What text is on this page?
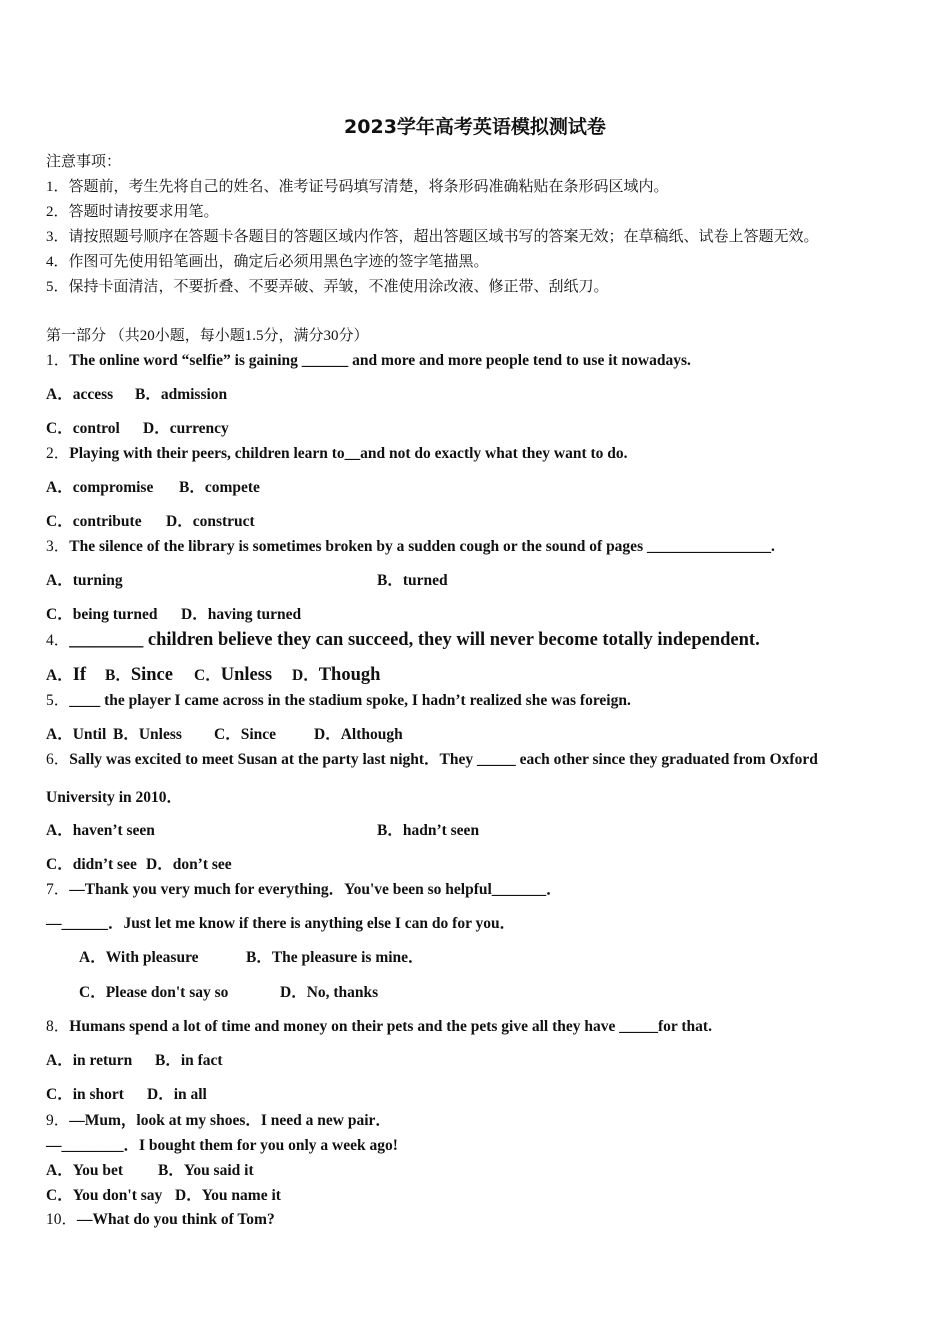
2023学年高考英语模拟测试卷
注意事项：
1．答题前，考生先将自己的姓名、准考证号码填写清楚，将条形码准确粘贴在条形码区域内。
2．答题时请按要求用笔。
3．请按照题号顺序在答题卡各题目的答题区域内作答，超出答题区域书写的答案无效；在草稿纸、试卷上答题无效。
4．作图可先使用铅笔画出，确定后必须用黑色字迹的签字笔描黑。
5．保持卡面清洁，不要折叠、不要弄破、弄皱，不准使用涂改液、修正带、刮纸刀。
第一部分 （共20小题，每小题1.5分，满分30分）
1．The online word “selfie” is gaining ______ and more and more people tend to use it nowadays.
A．access B．admission
C．control D．currency
2．Playing with their peers, children learn to__and not do exactly what they want to do.
A．compromise B．compete
C．contribute D．construct
3．The silence of the library is sometimes broken by a sudden cough or the sound of pages ________________.
A．turning	B．turned
C．being turned D．having turned
4．________ children believe they can succeed, they will never become totally independent.
A．If B．Since C．Unless D．Though
5．____ the player I came across in the stadium spoke, I hadn’t realized she was foreign.
A．Until B．Unless C．Since D．Although
6．Sally was excited to meet Susan at the party last night．They _____ each other since they graduated from Oxford
University in 2010．
A．haven’t seen	B．hadn’t seen
C．didn’t see D．don’t see
7．—Thank you very much for everything．You've been so helpful_______．
—______．Just let me know if there is anything else I can do for you．
A．With pleasure	B．The pleasure is mine．
C．Please don't say so	D．No, thanks
8．Humans spend a lot of time and money on their pets and the pets give all they have _____for that.
A．in return B．in fact
C．in short D．in all
9．—Mum，look at my shoes．I need a new pair．
—________．I bought them for you only a week ago!
A．You bet B．You said it
C．You don't say D．You name it
10．—What do you think of Tom?
